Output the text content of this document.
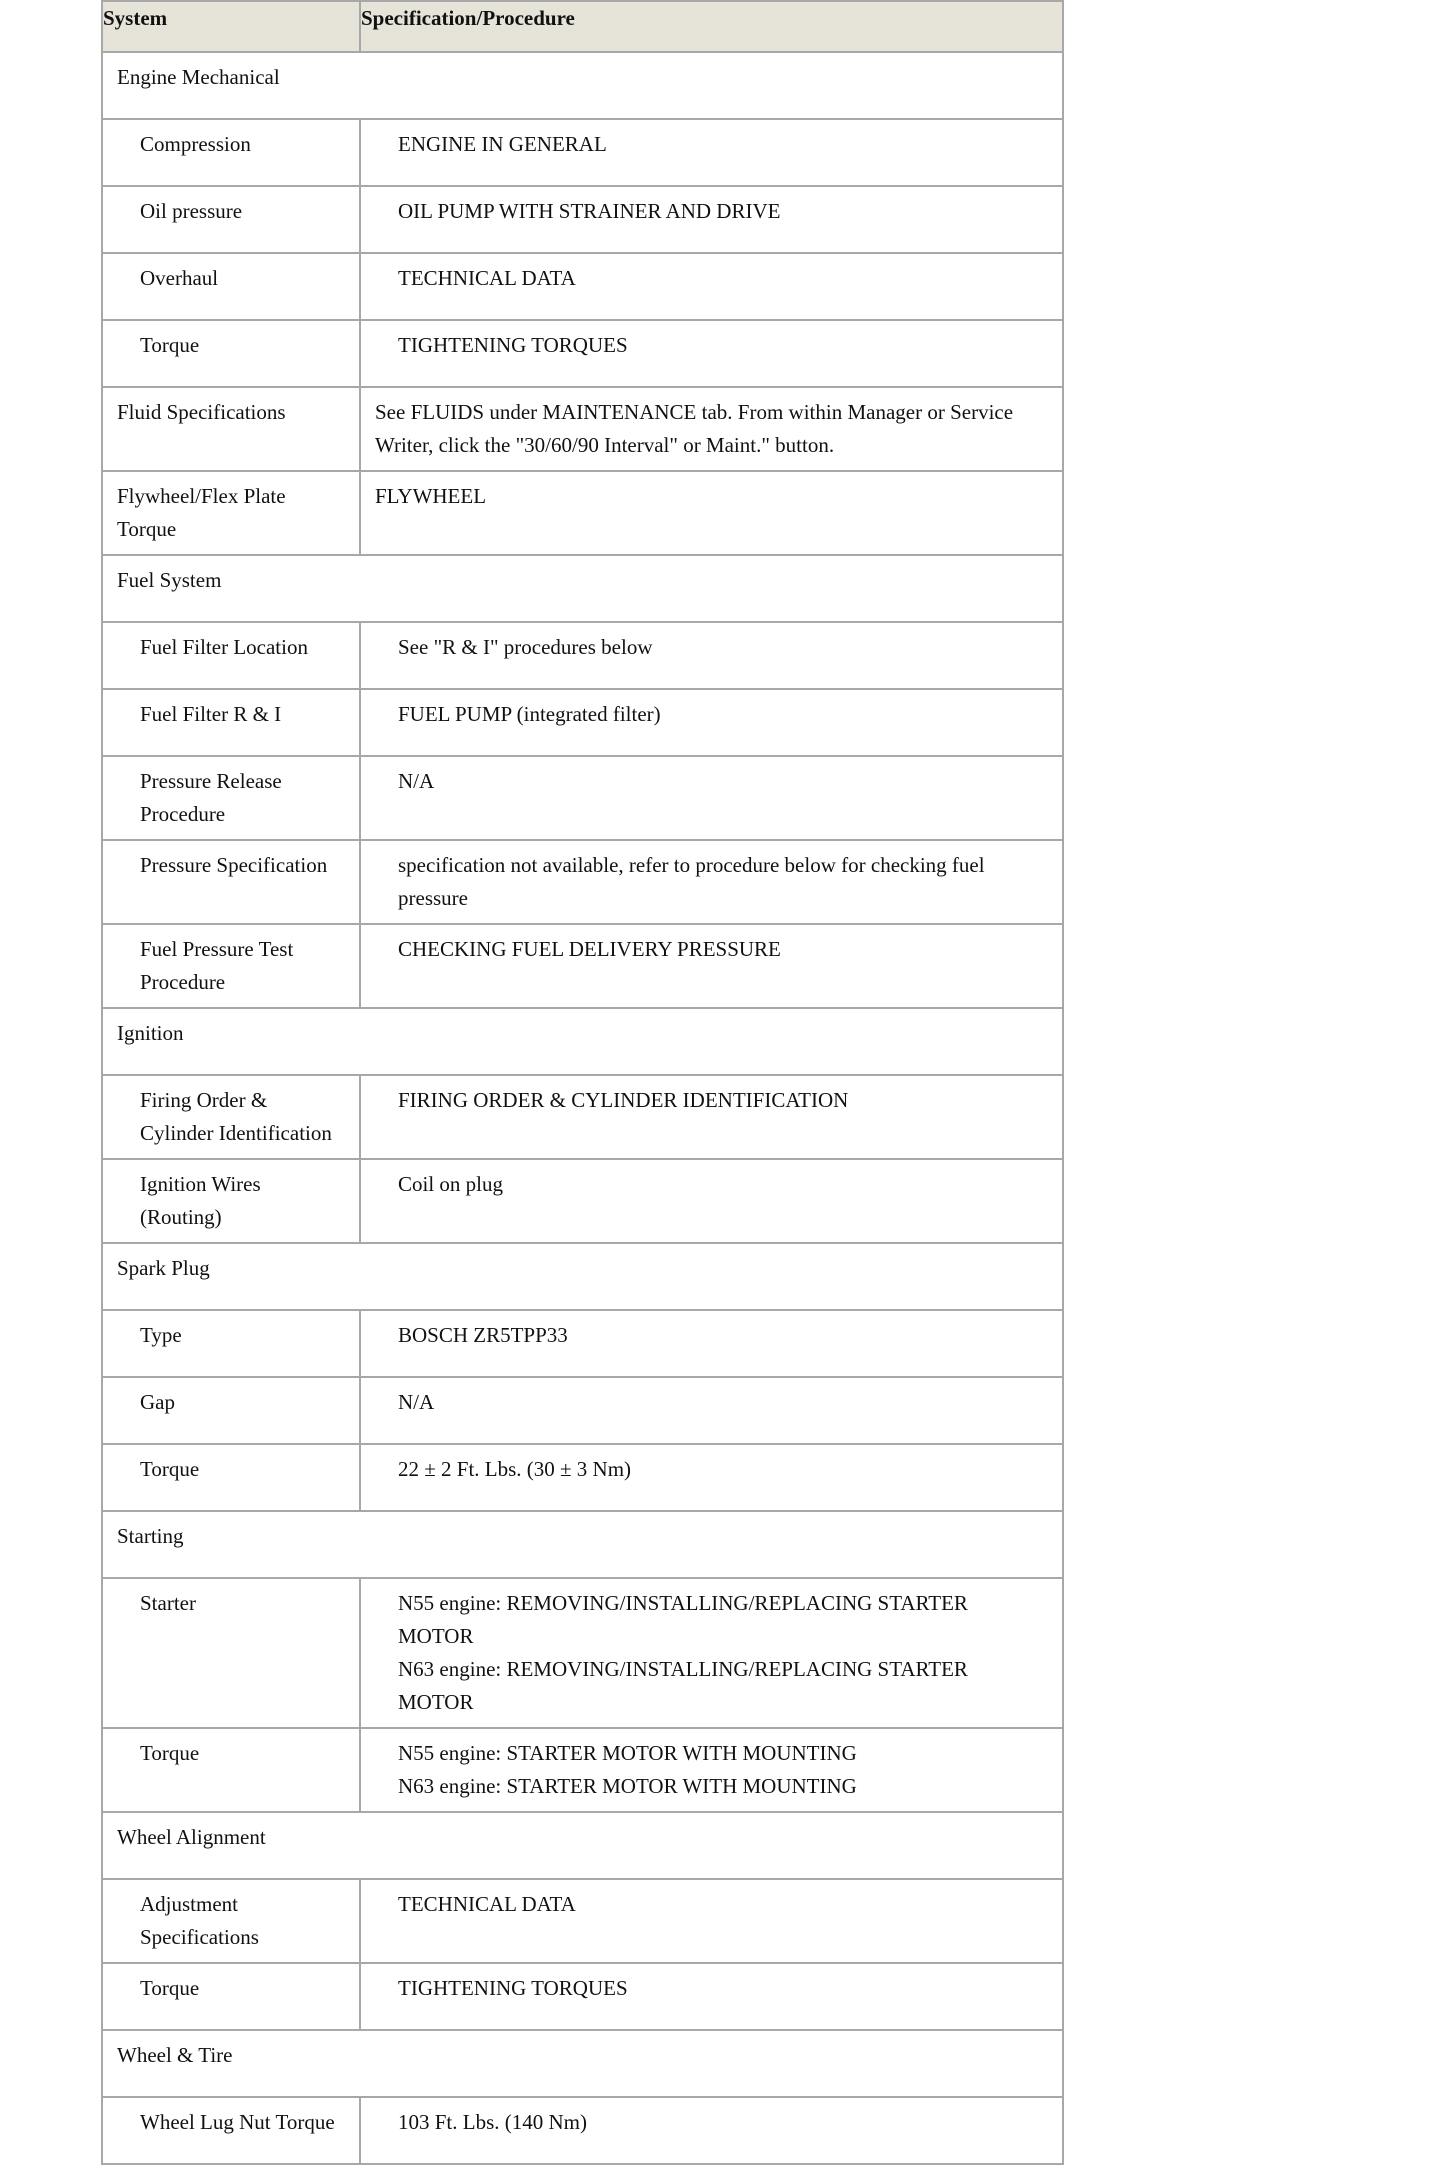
System	Specification/Procedure
Engine Mechanical	
Compression	ENGINE IN GENERAL

Oil pressure	OIL PUMP WITH STRAINER AND DRIVE

Overhaul	TECHNICAL DATA

Torque	TIGHTENING TORQUES

Fluid Specifications	See FLUIDS under MAINTENANCE tab. From within Manager or Service Writer, click the "30/60/90 Interval" or Maint." button.

Flywheel/Flex Plate Torque	FLYWHEEL

Fuel System	
Fuel Filter Location	See "R & I" procedures below

Fuel Filter R & I	FUEL PUMP (integrated filter)

Pressure Release Procedure	N/A

Pressure Specification	specification not available, refer to procedure below for checking fuel pressure

Fuel Pressure Test Procedure	CHECKING FUEL DELIVERY PRESSURE

Ignition	
Firing Order & Cylinder Identification	FIRING ORDER & CYLINDER IDENTIFICATION

Ignition Wires (Routing)	Coil on plug

Spark Plug	
Type	BOSCH ZR5TPP33

Gap	N/A

Torque	22 ± 2 Ft. Lbs. (30 ± 3 Nm)

Starting	
Starter	N55 engine: REMOVING/INSTALLING/REPLACING STARTER MOTOR
N63 engine: REMOVING/INSTALLING/REPLACING STARTER MOTOR

Torque	N55 engine: STARTER MOTOR WITH MOUNTING
N63 engine: STARTER MOTOR WITH MOUNTING

Wheel Alignment	
Adjustment Specifications	TECHNICAL DATA

Torque	TIGHTENING TORQUES

Wheel & Tire	
Wheel Lug Nut Torque	103 Ft. Lbs. (140 Nm)
